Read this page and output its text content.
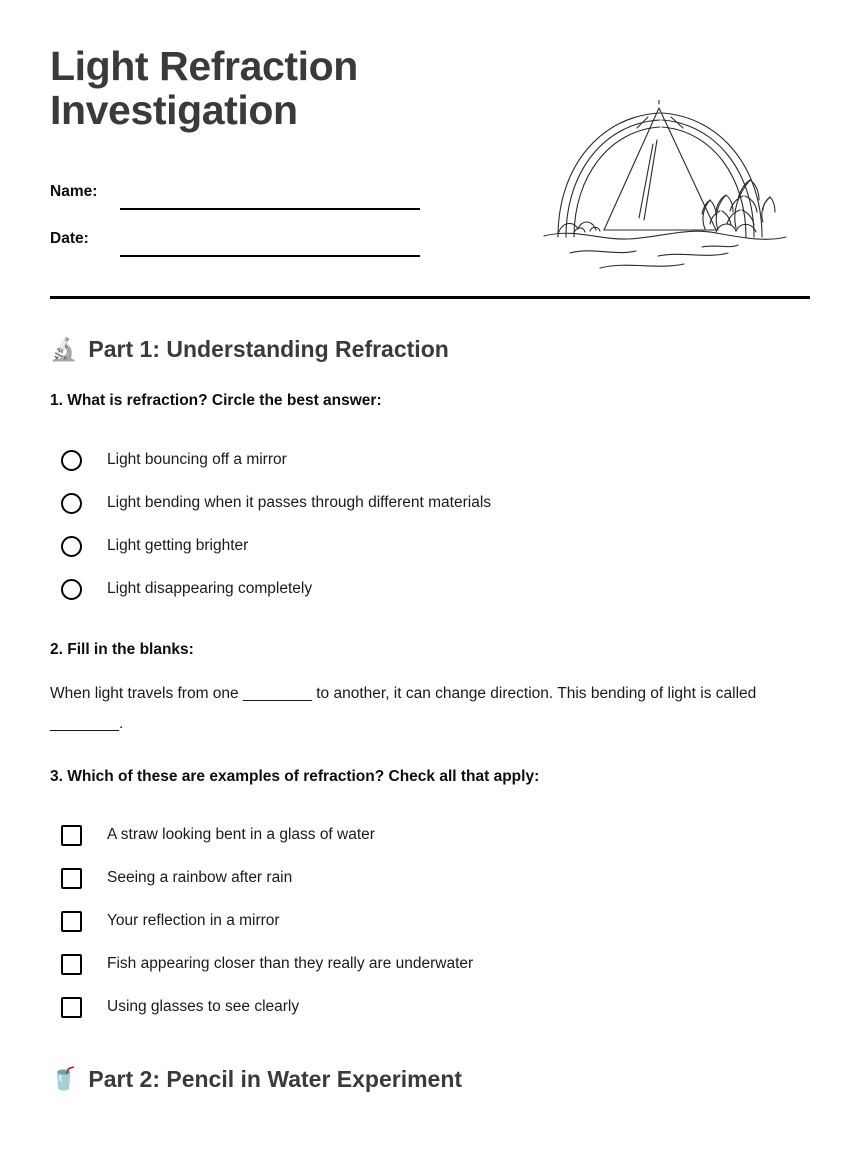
Light Refraction Investigation
Name:
Date:
🔬 Part 1: Understanding Refraction
1. What is refraction? Circle the best answer:
Light bouncing off a mirror
Light bending when it passes through different materials
Light getting brighter
Light disappearing completely
2. Fill in the blanks:
When light travels from one ________ to another, it can change direction. This bending of light is called ________.
3. Which of these are examples of refraction? Check all that apply:
A straw looking bent in a glass of water
Seeing a rainbow after rain
Your reflection in a mirror
Fish appearing closer than they really are underwater
Using glasses to see clearly
🥤 Part 2: Pencil in Water Experiment
